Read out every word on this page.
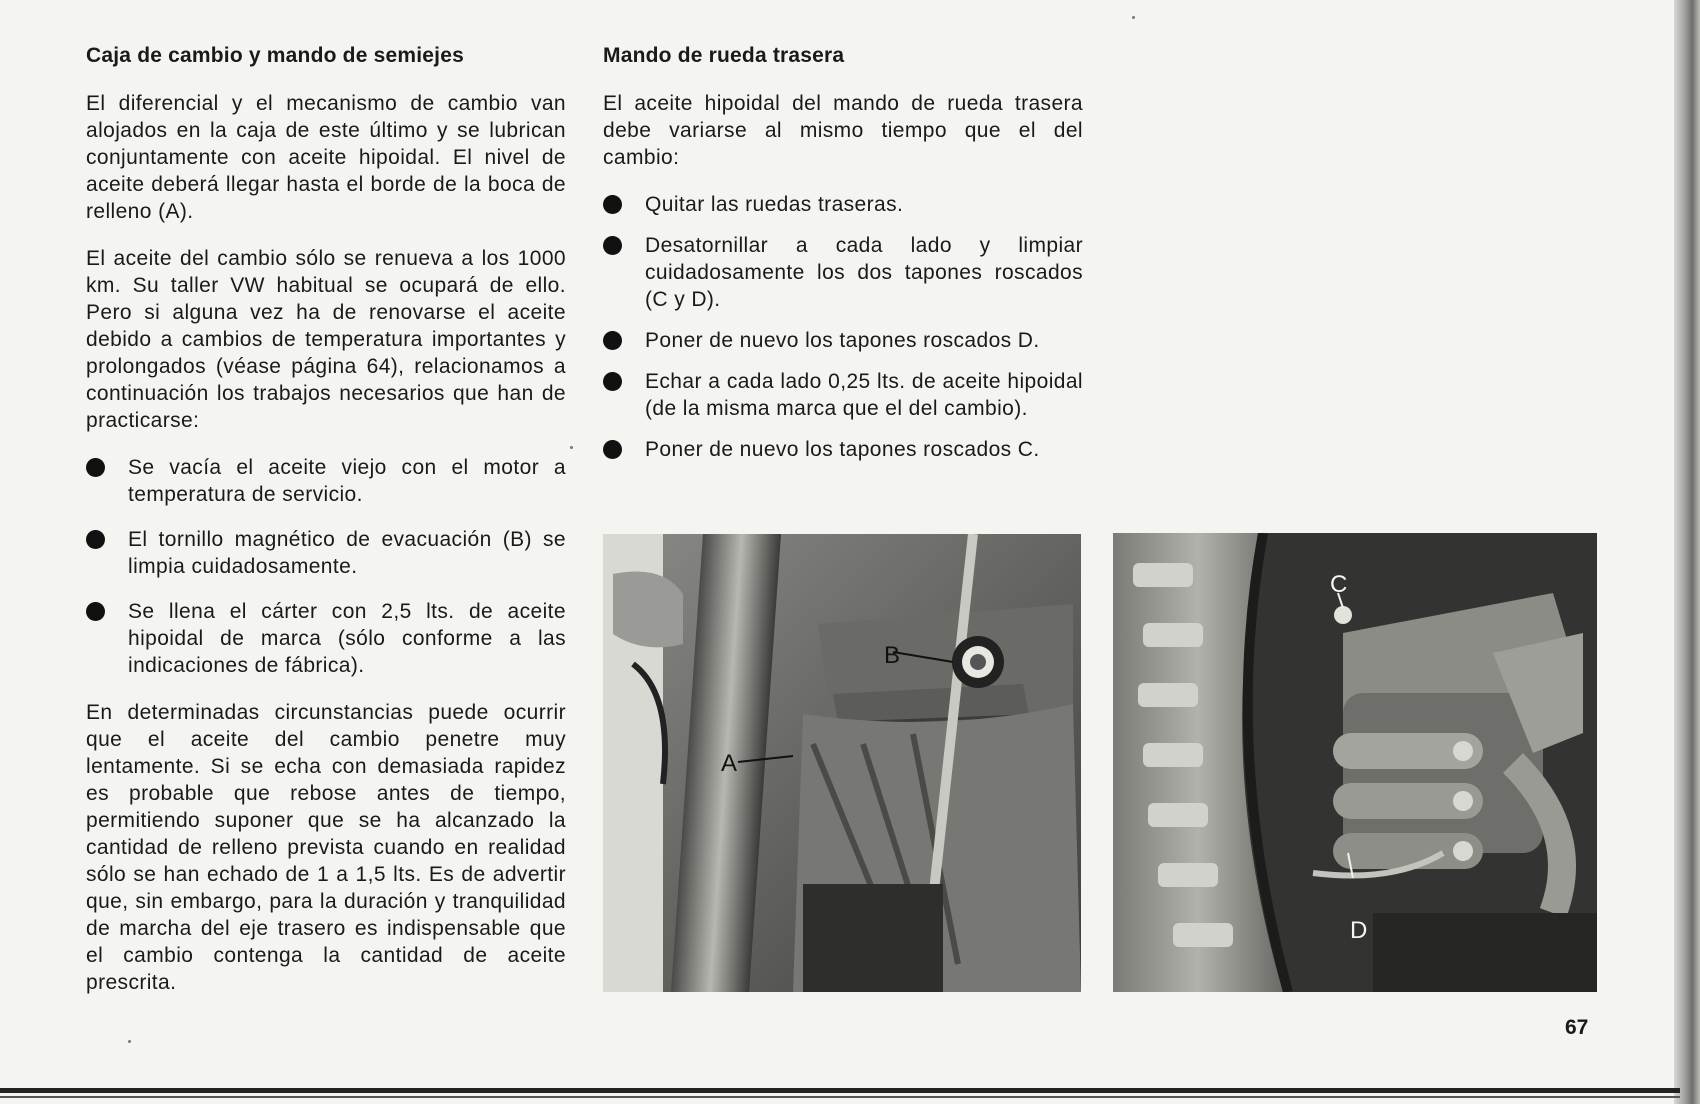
Caja de cambio y mando de semiejes

El diferencial y el mecanismo de cambio van alojados en la caja de este último y se lubrican conjuntamente con aceite hipoidal. El nivel de aceite deberá llegar hasta el borde de la boca de relleno (A).

El aceite del cambio sólo se renueva a los 1000 km. Su taller VW habitual se ocupará de ello. Pero si alguna vez ha de renovarse el aceite debido a cambios de temperatura importantes y prolongados (véase página 64), relacionamos a continuación los trabajos necesarios que han de practicarse:

Se vacía el aceite viejo con el motor a temperatura de servicio.
El tornillo magnético de evacuación (B) se limpia cuidadosamente.
Se llena el cárter con 2,5 lts. de aceite hipoidal de marca (sólo conforme a las indicaciones de fábrica).

En determinadas circunstancias puede ocurrir que el aceite del cambio penetre muy lentamente. Si se echa con demasiada rapidez es probable que rebose antes de tiempo, permitiendo suponer que se ha alcanzado la cantidad de relleno prevista cuando en realidad sólo se han echado de 1 a 1,5 lts. Es de advertir que, sin embargo, para la duración y tranquilidad de marcha del eje trasero es indispensable que el cambio contenga la cantidad de aceite prescrita.

Mando de rueda trasera

El aceite hipoidal del mando de rueda trasera debe variarse al mismo tiempo que el del cambio:

Quitar las ruedas traseras.
Desatornillar a cada lado y limpiar cuidadosamente los dos tapones roscados (C y D).
Poner de nuevo los tapones roscados D.
Echar a cada lado 0,25 lts. de aceite hipoidal (de la misma marca que el del cambio).
Poner de nuevo los tapones roscados C.
B
A
C
D
67
